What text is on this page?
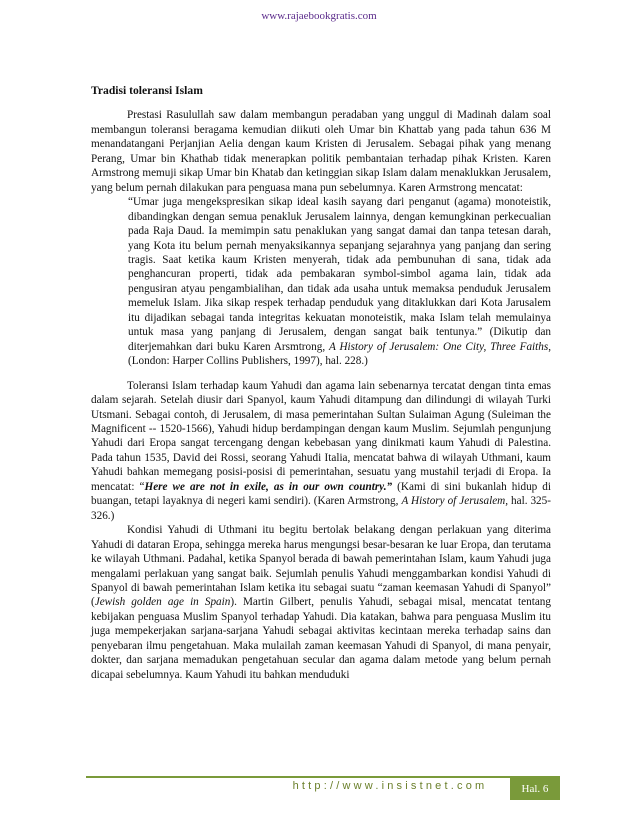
www.rajaebookgratis.com
Tradisi toleransi Islam

Prestasi Rasulullah saw dalam membangun peradaban yang unggul di Madinah dalam soal membangun toleransi beragama kemudian diikuti oleh Umar bin Khattab yang pada tahun 636 M menandatangani Perjanjian Aelia dengan kaum Kristen di Jerusalem. Sebagai pihak yang menang Perang, Umar bin Khathab tidak menerapkan politik pembantaian terhadap pihak Kristen. Karen Armstrong memuji sikap Umar bin Khatab dan ketinggian sikap Islam dalam menaklukkan Jerusalem, yang belum pernah dilakukan para penguasa mana pun sebelumnya. Karen Armstrong mencatat:

“Umar juga mengekspresikan sikap ideal kasih sayang dari penganut (agama) monoteistik, dibandingkan dengan semua penakluk Jerusalem lainnya, dengan kemungkinan perkecualian pada Raja Daud. Ia memimpin satu penaklukan yang sangat damai dan tanpa tetesan darah, yang Kota itu belum pernah menyaksikannya sepanjang sejarahnya yang panjang dan sering tragis. Saat ketika kaum Kristen menyerah, tidak ada pembunuhan di sana, tidak ada penghancuran properti, tidak ada pembakaran symbol-simbol agama lain, tidak ada pengusiran atyau pengambialihan, dan tidak ada usaha untuk memaksa penduduk Jerusalem memeluk Islam. Jika sikap respek terhadap penduduk yang ditaklukkan dari Kota Jarusalem itu dijadikan sebagai tanda integritas kekuatan monoteistik, maka Islam telah memulainya untuk masa yang panjang di Jerusalem, dengan sangat baik tentunya.” (Dikutip dan diterjemahkan dari buku Karen Arsmtrong, A History of Jerusalem: One City, Three Faiths, (London: Harper Collins Publishers, 1997), hal. 228.)

Toleransi Islam terhadap kaum Yahudi dan agama lain sebenarnya tercatat dengan tinta emas dalam sejarah. Setelah diusir dari Spanyol, kaum Yahudi ditampung dan dilindungi di wilayah Turki Utsmani. Sebagai contoh, di Jerusalem, di masa pemerintahan Sultan Sulaiman Agung (Suleiman the Magnificent -- 1520-1566), Yahudi hidup berdampingan dengan kaum Muslim. Sejumlah pengunjung Yahudi dari Eropa sangat tercengang dengan kebebasan yang dinikmati kaum Yahudi di Palestina. Pada tahun 1535, David dei Rossi, seorang Yahudi Italia, mencatat bahwa di wilayah Uthmani, kaum Yahudi bahkan memegang posisi-posisi di pemerintahan, sesuatu yang mustahil terjadi di Eropa. Ia mencatat: “Here we are not in exile, as in our own country.” (Kami di sini bukanlah hidup di buangan, tetapi layaknya di negeri kami sendiri). (Karen Armstrong, A History of Jerusalem, hal. 325-326.)

Kondisi Yahudi di Uthmani itu begitu bertolak belakang dengan perlakuan yang diterima Yahudi di dataran Eropa, sehingga mereka harus mengungsi besar-besaran ke luar Eropa, dan terutama ke wilayah Uthmani. Padahal, ketika Spanyol berada di bawah pemerintahan Islam, kaum Yahudi juga mengalami perlakuan yang sangat baik. Sejumlah penulis Yahudi menggambarkan kondisi Yahudi di Spanyol di bawah pemerintahan Islam ketika itu sebagai suatu “zaman keemasan Yahudi di Spanyol” (Jewish golden age in Spain). Martin Gilbert, penulis Yahudi, sebagai misal, mencatat tentang kebijakan penguasa Muslim Spanyol terhadap Yahudi. Dia katakan, bahwa para penguasa Muslim itu juga mempekerjakan sarjana-sarjana Yahudi sebagai aktivitas kecintaan mereka terhadap sains dan penyebaran ilmu pengetahuan. Maka mulailah zaman keemasan Yahudi di Spanyol, di mana penyair, dokter, dan sarjana memadukan pengetahuan secular dan agama dalam metode yang belum pernah dicapai sebelumnya. Kaum Yahudi itu bahkan menduduki

http://www.insistnet.com	Hal. 6
